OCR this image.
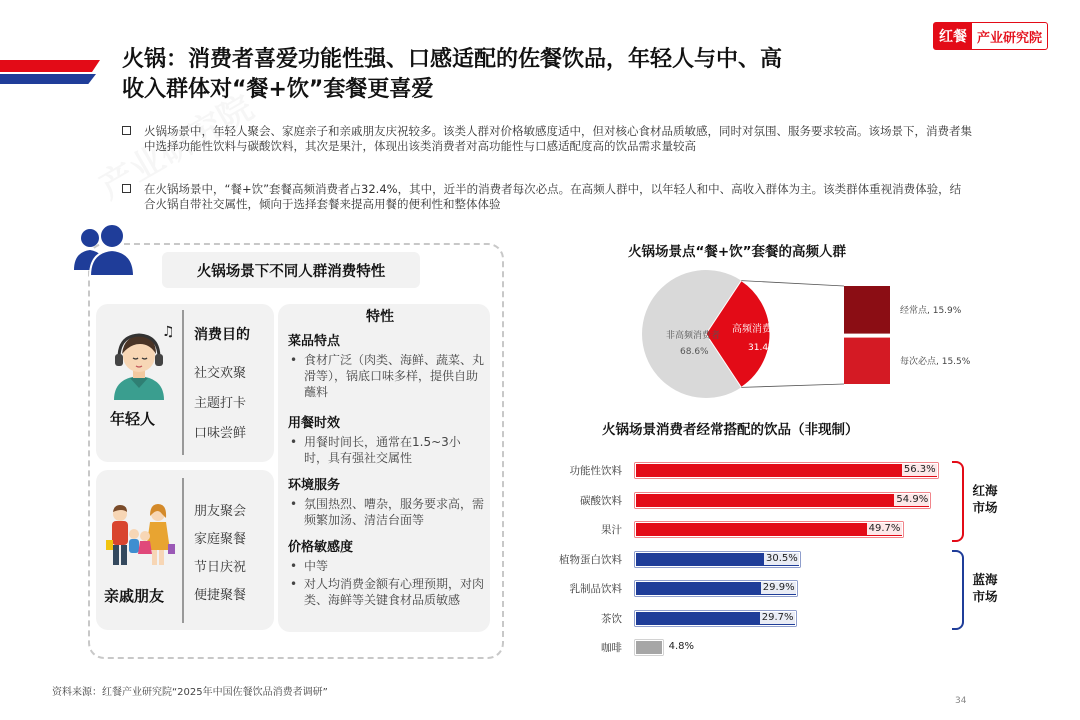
火锅：消费者喜爱功能性强、口感适配的佐餐饮品，年轻人与中、高
收入群体对“餐+饮”套餐更喜爱
红餐 产业研究院
火锅场景中，年轻人聚会、家庭亲子和亲戚朋友庆祝较多。该类人群对价格敏感度适中，但对核心食材品质敏感，同时对氛围、服务要求较高。该场景下，消费者集中选择功能性饮料与碳酸饮料，其次是果汁，体现出该类消费者对高功能性与口感适配度高的饮品需求量较高
在火锅场景中，“餐+饮”套餐高频消费者占32.4%，其中，近半的消费者每次必点。在高频人群中，以年轻人和中、高收入群体为主。该类群体重视消费体验，结合火锅自带社交属性，倾向于选择套餐来提高用餐的便利性和整体体验
火锅场景下不同人群消费特性
♫
年轻人
亲戚朋友
消费目的
社交欢聚
主题打卡
口味尝鲜
朋友聚会
家庭聚餐
节日庆祝
便捷聚餐
特性
菜品特点
• 食材广泛（肉类、海鲜、蔬菜、丸滑等），锅底口味多样，提供自助蘸料
用餐时效
• 用餐时间长，通常在1.5~3小时，具有强社交属性
环境服务
• 氛围热烈、嘈杂，服务要求高，需频繁加汤、清洁台面等
价格敏感度
• 中等
• 对人均消费金额有心理预期，对肉类、海鲜等关键食材品质敏感
火锅场景点“餐+饮”套餐的高频人群
非高频消费者
68.6%
高频消费者
31.4%
经常点, 15.9%
每次必点, 15.5%
火锅场景消费者经常搭配的饮品（非现制）
功能性饮料	56.3%
碳酸饮料	54.9%
果汁	49.7%
植物蛋白饮料	30.5%
乳制品饮料	29.9%
茶饮	29.7%
咖啡	4.8%
红海
市场
蓝海
市场
资料来源：红餐产业研究院“2025年中国佐餐饮品消费者调研”
34
